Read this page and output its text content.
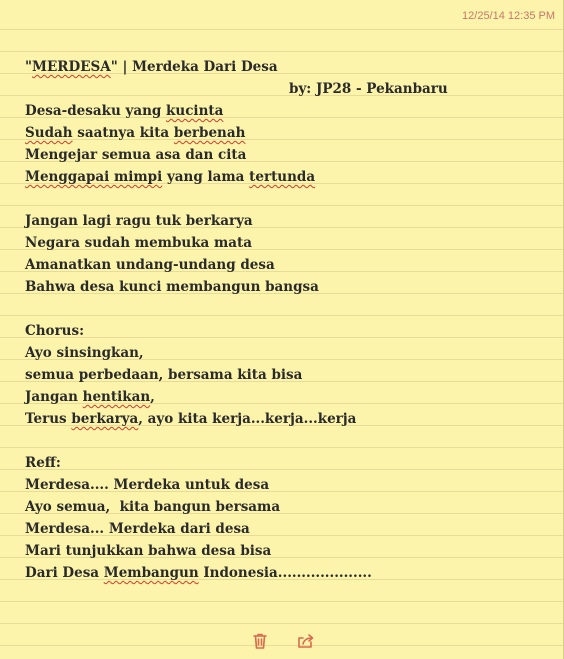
12/25/14 12:35 PM
"MERDESA" | Merdeka Dari Desa
by: JP28 - Pekanbaru
Desa-desaku yang kucinta
Sudah saatnya kita berbenah
Mengejar semua asa dan cita
Menggapai mimpi yang lama tertunda
Jangan lagi ragu tuk berkarya
Negara sudah membuka mata
Amanatkan undang-undang desa
Bahwa desa kunci membangun bangsa
Chorus:
Ayo sinsingkan,
semua perbedaan, bersama kita bisa
Jangan hentikan,
Terus berkarya, ayo kita kerja...kerja...kerja
Reff:
Merdesa.... Merdeka untuk desa
Ayo semua,  kita bangun bersama
Merdesa... Merdeka dari desa
Mari tunjukkan bahwa desa bisa
Dari Desa Membangun Indonesia....................
